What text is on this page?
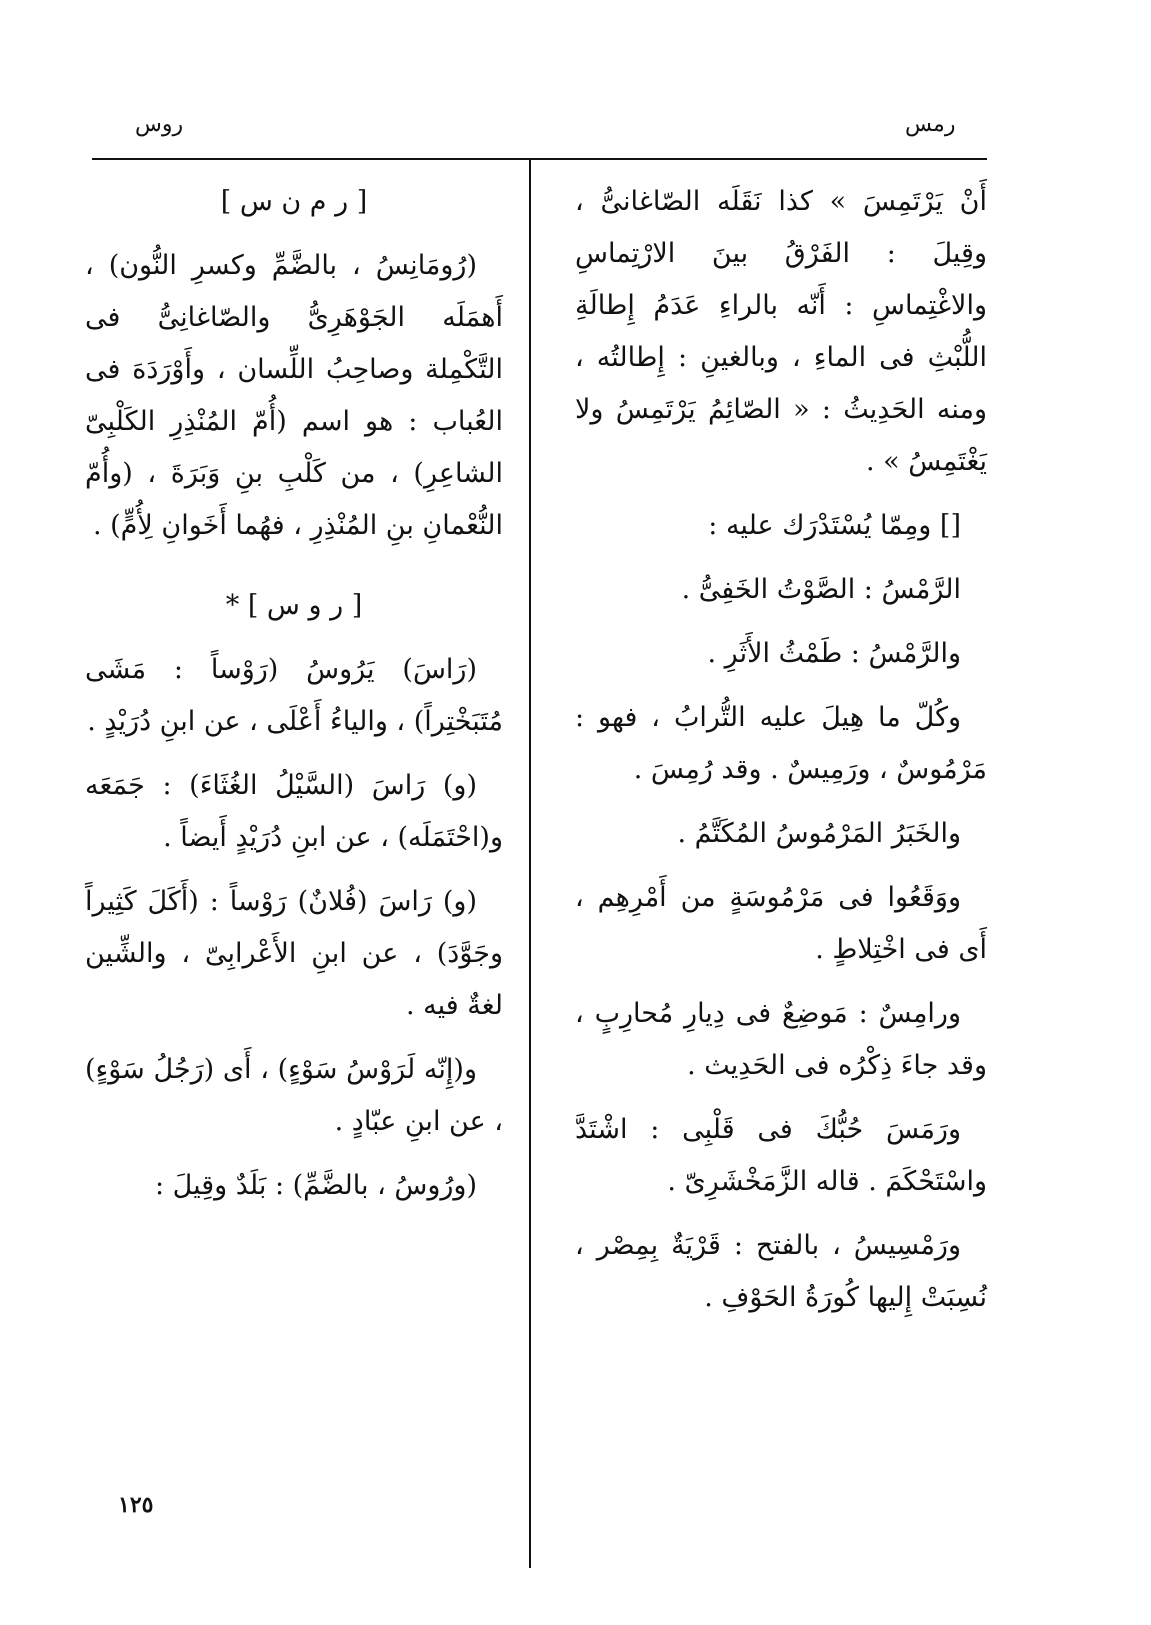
رمس
روس

أَنْ يَرْتَمِسَ » كذا نَقَلَه الصّاغانىُّ ، وقِيلَ : الفَرْقُ بينَ الارْتِماسِ والاغْتِماسِ : أَنّه بالراءِ عَدَمُ إِطالَةِ اللُّبْثِ فى الماءِ ، وبالغينِ : إِطالتُه ، ومنه الحَدِيثُ : « الصّائِمُ يَرْتَمِسُ ولا يَغْتَمِسُ » .

[] ومِمّا يُسْتَدْرَك عليه :

الرَّمْسُ : الصَّوْتُ الخَفِىُّ .

والرَّمْسُ : طَمْثُ الأَثَرِ .

وكُلّ ما هِيلَ عليه التُّرابُ ، فهو : مَرْمُوسٌ ، ورَمِيسٌ . وقد رُمِسَ .

والخَبَرُ المَرْمُوسُ المُكَتَّمُ .

ووَقَعُوا فى مَرْمُوسَةٍ من أَمْرِهِم ، أَى فى اخْتِلاطٍ .

ورامِسٌ : مَوضِعٌ فى دِيارِ مُحارِبٍ ، وقد جاءَ ذِكْرُه فى الحَدِيث .

ورَمَسَ حُبُّكَ فى قَلْبِى : اشْتَدَّ واسْتَحْكَمَ . قاله الزَّمَخْشَرِىّ .

ورَمْسِيسُ ، بالفتح : قَرْيَةٌ بِمِصْر ، نُسِبَتْ إِليها كُورَةُ الحَوْفِ .

[ ر م ن س ]

(رُومَانِسُ ، بالضَّمِّ وكسرِ النُّون) ، أَهمَلَه الجَوْهَرِىُّ والصّاغانِىُّ فى التَّكْمِلة وصاحِبُ اللِّسان ، وأَوْرَدَهَ فى العُباب : هو اسم (أُمّ المُنْذِرِ الكَلْبِىّ الشاعِرِ) ، من كَلْبِ بنِ وَبَرَةَ ، (وأُمّ النُّعْمانِ بنِ المُنْذِرِ ، فهُما أَخَوانِ لِأُمٍّ) .

[ ر و س ] *

(رَاسَ) يَرُوسُ (رَوْساً : مَشَى مُتَبَخْتِراً) ، والياءُ أَعْلَى ، عن ابنِ دُرَيْدٍ .

(و) رَاسَ (السَّيْلُ الغُثَاءَ) : جَمَعَه و(احْتَمَلَه) ، عن ابنِ دُرَيْدٍ أَيضاً .

(و) رَاسَ (فُلانٌ) رَوْساً : (أَكَلَ كَثِيراً وجَوَّدَ) ، عن ابنِ الأَعْرابِىّ ، والشِّين لغةٌ فيه .

و(إِنّه لَرَوْسُ سَوْءٍ) ، أَى (رَجُلُ سَوْءٍ) ، عن ابنِ عبّادٍ .

(ورُوسُ ، بالضَّمِّ) : بَلَدٌ وقِيلَ :

١٢٥
